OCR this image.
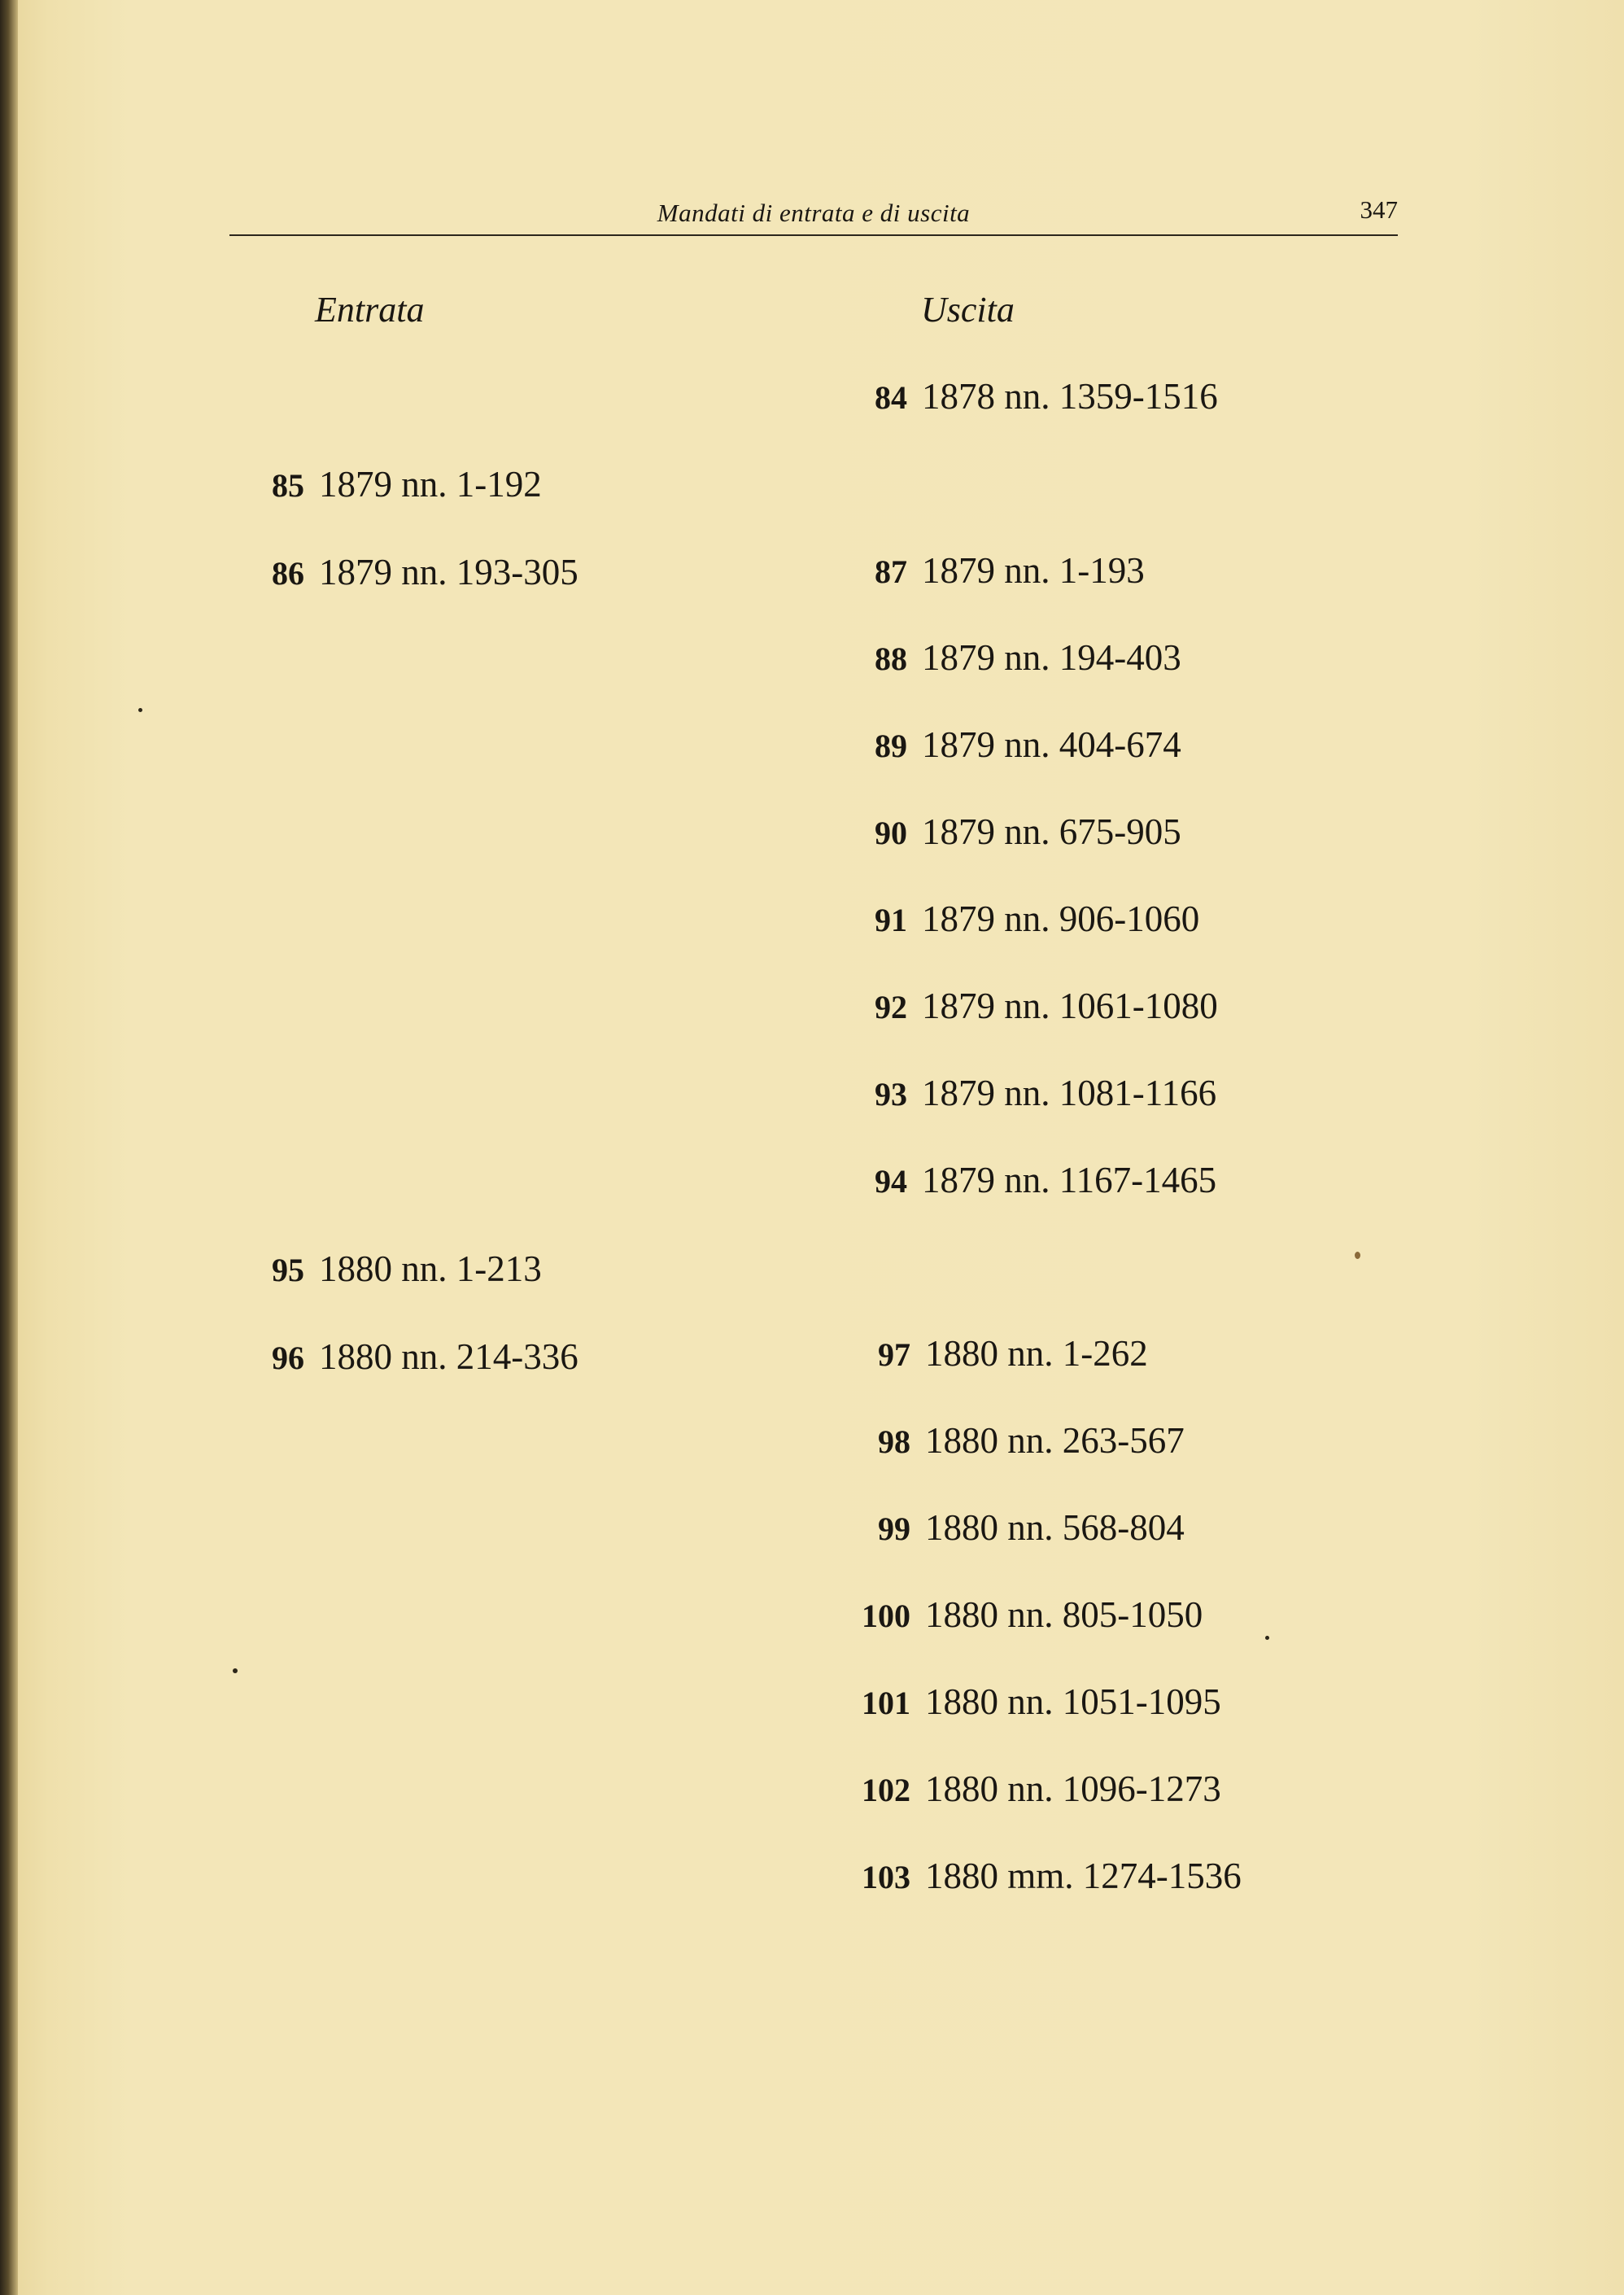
Mandati di entrata e di uscita	347
Entrata	Uscita
85 1879 nn. 1-192
86 1879 nn. 193-305
95 1880 nn. 1-213
96 1880 nn. 214-336
84 1878 nn. 1359-1516
87 1879 nn. 1-193
88 1879 nn. 194-403
89 1879 nn. 404-674
90 1879 nn. 675-905
91 1879 nn. 906-1060
92 1879 nn. 1061-1080
93 1879 nn. 1081-1166
94 1879 nn. 1167-1465
97 1880 nn. 1-262
98 1880 nn. 263-567
99 1880 nn. 568-804
100 1880 nn. 805-1050
101 1880 nn. 1051-1095
102 1880 nn. 1096-1273
103 1880 mm. 1274-1536
